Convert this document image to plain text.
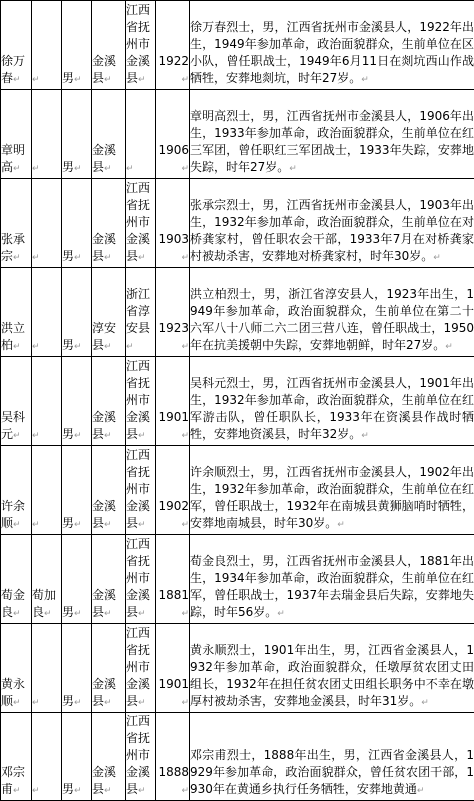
徐万春↵	↵	男↵	金溪县↵	江西省抚州市金溪县↵	1922↵	徐万春烈士，男，江西省抚州市金溪县人，1922年出生，1949年参加革命，政治面貌群众，生前单位在区小队，曾任职战士，1949年6月11日在剡坑西山作战牺牲，安葬地剡坑，时年27岁。↵
章明高↵	↵	男↵	金溪县↵	↵	1906↵	章明高烈士，男，江西省抚州市金溪县人，1906年出生，1933年参加革命，政治面貌群众，生前单位在红三军团，曾任职红三军团战士，1933年失踪，安葬地失踪，时年27岁。↵
张承宗↵	↵	男↵	金溪县↵	江西省抚州市金溪县↵	1903↵	张承宗烈士，男，江西省抚州市金溪县人，1903年出生，1932年参加革命，政治面貌群众，生前单位在对桥龚家村，曾任职农会干部，1933年7月在对桥龚家村被劫杀害，安葬地对桥龚家村，时年30岁。↵
洪立柏↵	↵	男↵	淳安县↵	浙江省淳安县↵	1923↵	洪立柏烈士，男，浙江省淳安县人，1923年出生，1949年参加革命，政治面貌群众，生前单位在第二十六军八十八师二六二团三营八连，曾任职战士，1950年在抗美援朝中失踪，安葬地朝鲜，时年27岁。↵
吴科元↵	↵	男↵	金溪县↵	江西省抚州市金溪县↵	1901↵	吴科元烈士，男，江西省抚州市金溪县人，1901年出生，1932年参加革命，政治面貌群众，生前单位在红军游击队，曾任职队长，1933年在资溪县作战时牺牲，安葬地资溪县，时年32岁。↵
许余顺↵	↵	男↵	金溪县↵	江西省抚州市金溪县↵	1902↵	许余顺烈士，男，江西省抚州市金溪县人，1902年出生，1932年参加革命，政治面貌群众，生前单位在红军，曾任职战士，1932年在南城县黄狮脑哨时牺牲，安葬地南城县，时年30岁。↵
荀金良↵	荀加良↵	男↵	金溪县↵	江西省抚州市金溪县↵	1881↵	荀金良烈士，男，江西省抚州市金溪县人，1881年出生，1934年参加革命，政治面貌群众，生前单位在红军，曾任职战士，1937年去瑞金县后失踪，安葬地失踪，时年56岁。↵
黄永顺↵	↵	男↵	金溪县↵	江西省抚州市金溪县↵	1901↵	黄永顺烈士，1901年出生，男，江西省金溪县人，1932年参加革命，政治面貌群众，任墩厚贫农团丈田组长，1932年在担任贫农团丈田组长职务中不幸在墩厚村被劫杀害，安葬地金溪县，时年31岁。↵
邓宗甫↵	↵	男↵	金溪县↵	江西省抚州市金溪县↵	1888↵	邓宗甫烈士，1888年出生，男，江西省金溪县人，1929年参加革命，政治面貌群众，曾任贫农团干部，1930年在黄通乡执行任务牺牲，安葬地黄通↵
